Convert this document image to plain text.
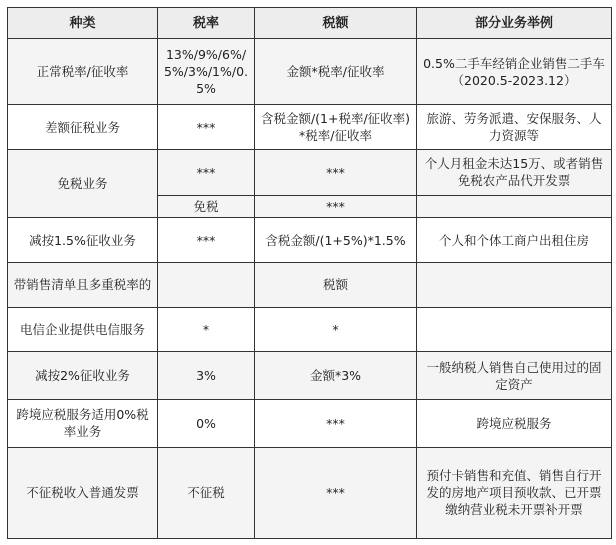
种类	税率	税额	部分业务举例
正常税率/征收率	13%/9%/6%/5%/3%/1%/0.5%	金额*税率/征收率	0.5%二手车经销企业销售二手车（2020.5-2023.12）
差额征税业务	***	含税金额/(1+税率/征收率)*税率/征收率	旅游、劳务派遣、安保服务、人力资源等
免税业务	***	***	个人月租金未达15万、或者销售免税农产品代开发票
	免税	***	
减按1.5%征收业务	***	含税金额/(1+5%)*1.5%	个人和个体工商户出租住房
带销售清单且多重税率的		税额	
电信企业提供电信服务	*	*	
减按2%征收业务	3%	金额*3%	一般纳税人销售自己使用过的固定资产
跨境应税服务适用0%税率业务	0%	***	跨境应税服务
不征税收入普通发票	不征税	***	预付卡销售和充值、销售自行开发的房地产项目预收款、已开票缴纳营业税未开票补开票
